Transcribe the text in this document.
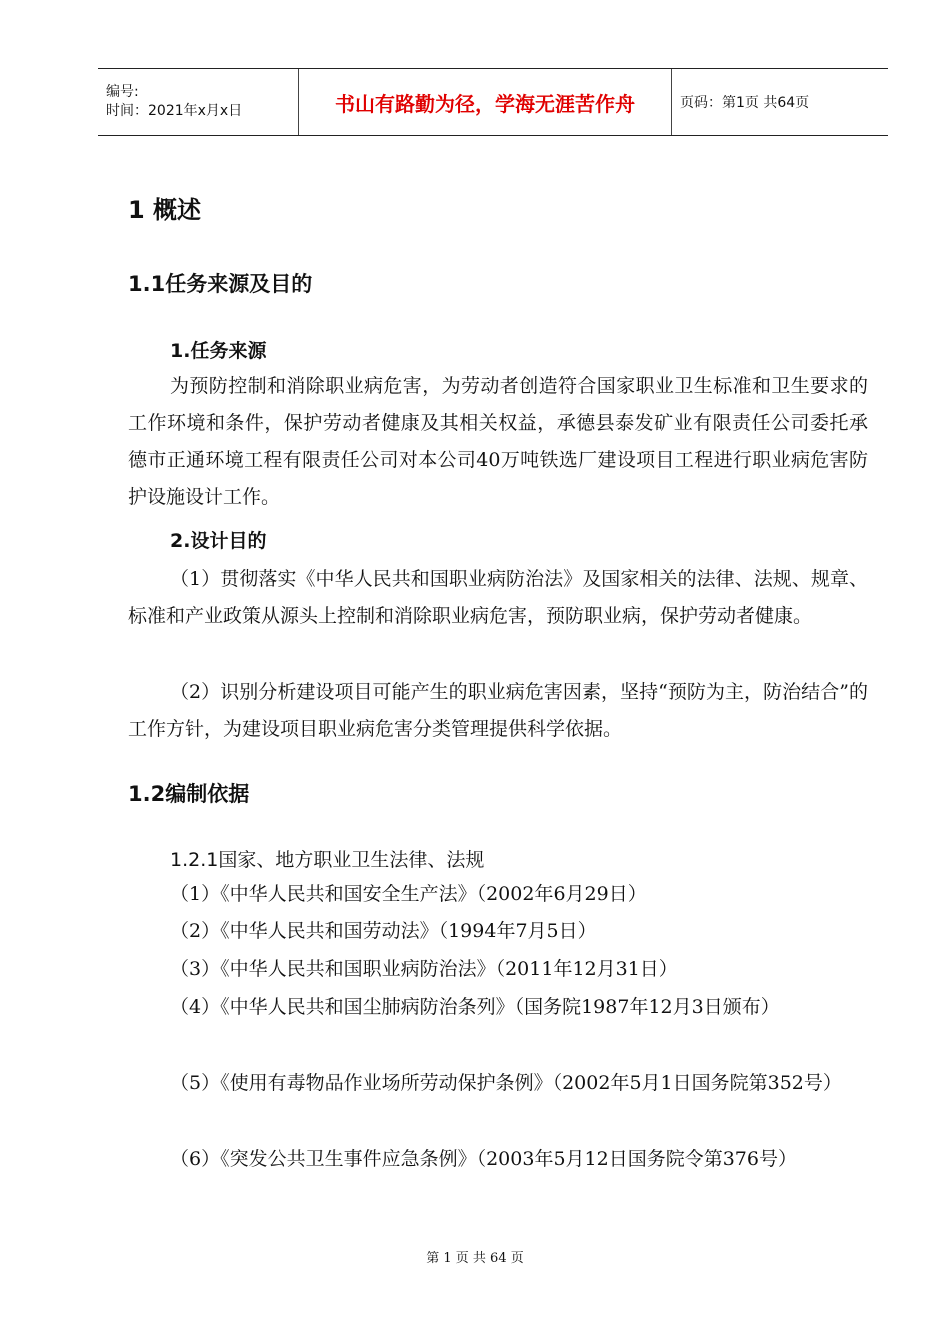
编号:
时间：2021年x月x日	书山有路勤为径，学海无涯苦作舟	页码：第1页 共64页
1 概述
1.1任务来源及目的
1.任务来源

为预防控制和消除职业病危害，为劳动者创造符合国家职业卫生标准和卫生要求的工作环境和条件，保护劳动者健康及其相关权益，承德县泰发矿业有限责任公司委托承德市正通环境工程有限责任公司对本公司40万吨铁选厂建设项目工程进行职业病危害防护设施设计工作。

2.设计目的

（1）贯彻落实《中华人民共和国职业病防治法》及国家相关的法律、法规、规章、标准和产业政策从源头上控制和消除职业病危害，预防职业病，保护劳动者健康。

（2）识别分析建设项目可能产生的职业病危害因素，坚持“预防为主，防治结合”的工作方针，为建设项目职业病危害分类管理提供科学依据。

1.2编制依据
1.2.1国家、地方职业卫生法律、法规

（1）《中华人民共和国安全生产法》（2002年6月29日）

（2）《中华人民共和国劳动法》（1994年7月5日）

（3）《中华人民共和国职业病防治法》（2011年12月31日）

（4）《中华人民共和国尘肺病防治条列》（国务院1987年12月3日颁布）

（5）《使用有毒物品作业场所劳动保护条例》（2002年5月1日国务院第352号）

（6）《突发公共卫生事件应急条例》（2003年5月12日国务院令第376号）

第 1 页 共 64 页
